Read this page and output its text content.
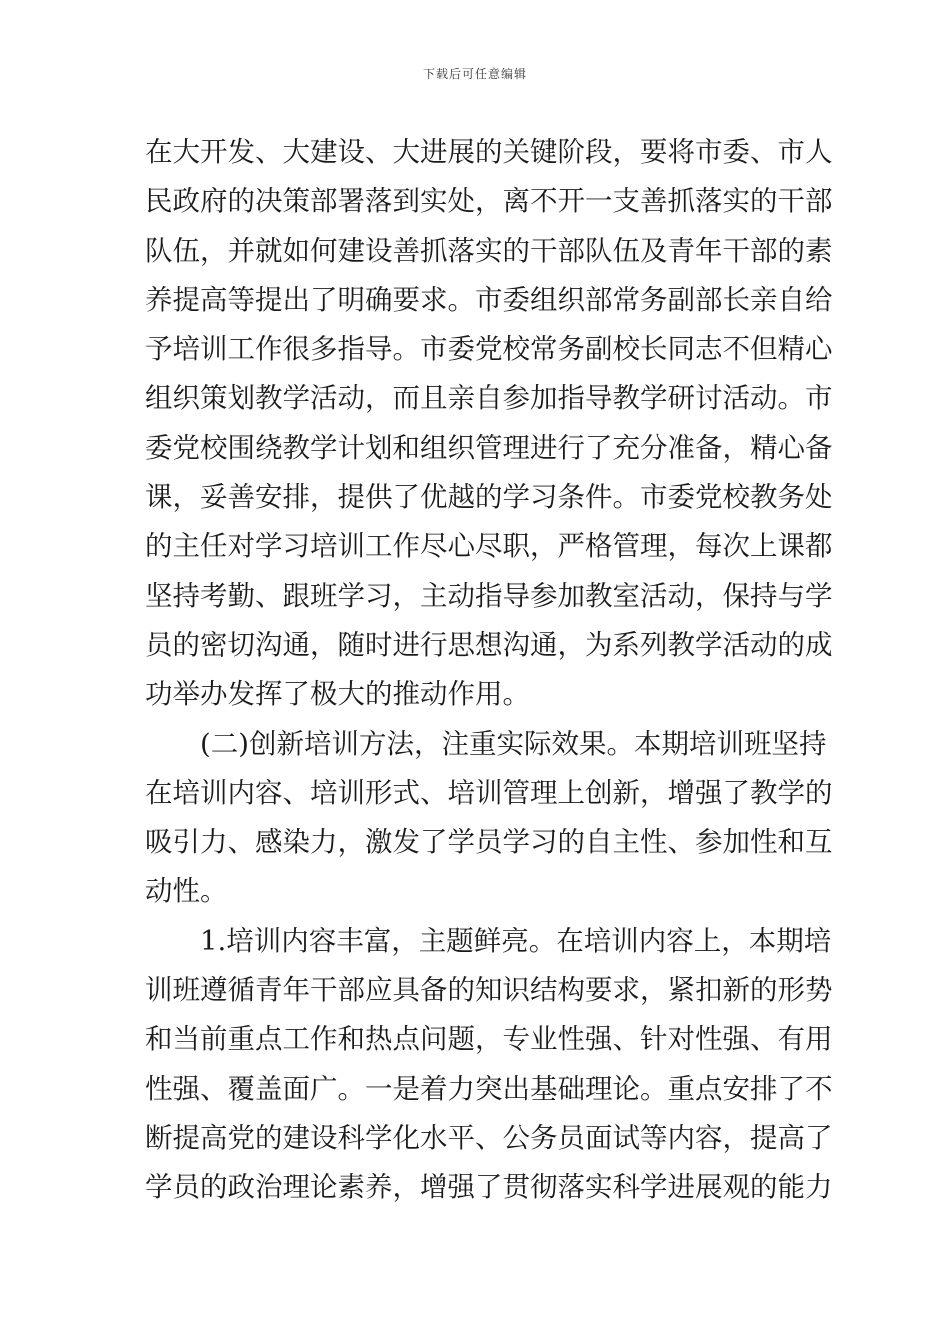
下载后可任意编辑
在大开发、大建设、大进展的关键阶段，要将市委、市人
民政府的决策部署落到实处，离不开一支善抓落实的干部
队伍，并就如何建设善抓落实的干部队伍及青年干部的素
养提高等提出了明确要求。市委组织部常务副部长亲自给
予培训工作很多指导。市委党校常务副校长同志不但精心
组织策划教学活动，而且亲自参加指导教学研讨活动。市
委党校围绕教学计划和组织管理进行了充分准备，精心备
课，妥善安排，提供了优越的学习条件。市委党校教务处
的主任对学习培训工作尽心尽职，严格管理，每次上课都
坚持考勤、跟班学习，主动指导参加教室活动，保持与学
员的密切沟通，随时进行思想沟通，为系列教学活动的成
功举办发挥了极大的推动作用。
(二)创新培训方法，注重实际效果。本期培训班坚持
在培训内容、培训形式、培训管理上创新，增强了教学的
吸引力、感染力，激发了学员学习的自主性、参加性和互
动性。
1.培训内容丰富，主题鲜亮。在培训内容上，本期培
训班遵循青年干部应具备的知识结构要求，紧扣新的形势
和当前重点工作和热点问题，专业性强、针对性强、有用
性强、覆盖面广。一是着力突出基础理论。重点安排了不
断提高党的建设科学化水平、公务员面试等内容，提高了
学员的政治理论素养，增强了贯彻落实科学进展观的能力
